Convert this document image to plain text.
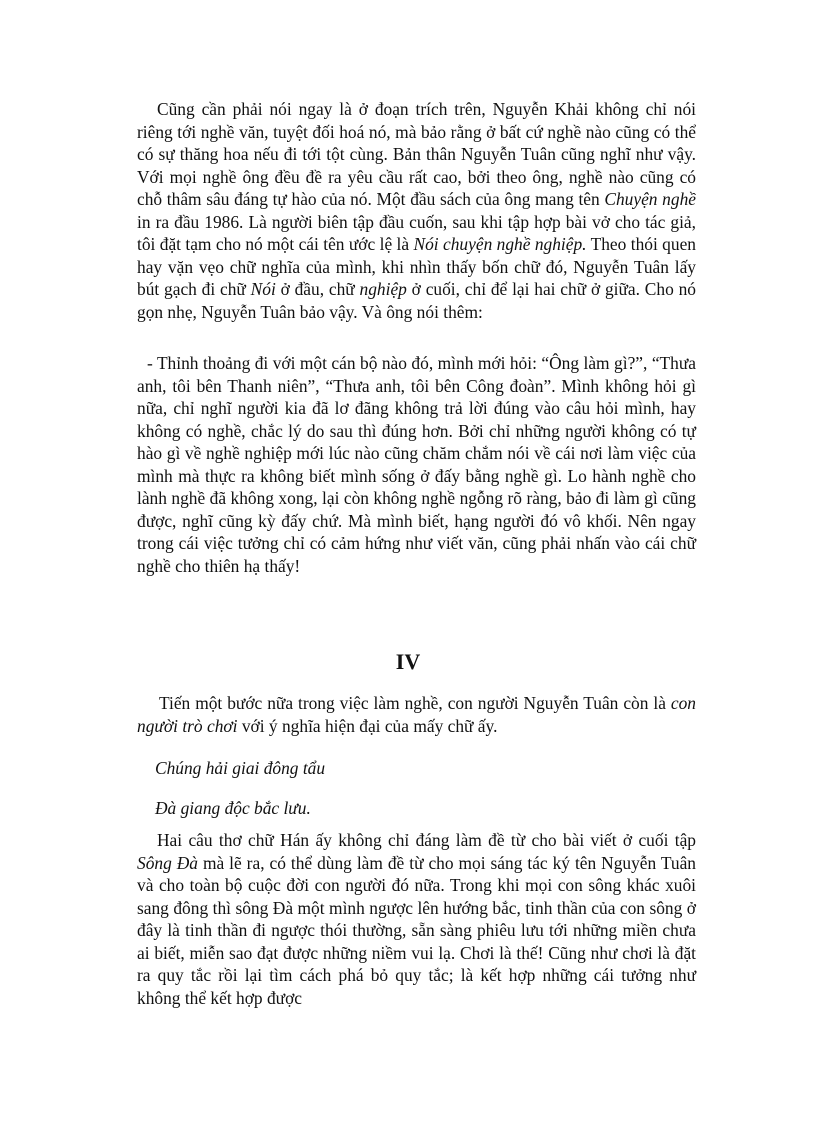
Cũng cần phải nói ngay là ở đoạn trích trên, Nguyễn Khải không chỉ nói riêng tới nghề văn, tuyệt đối hoá nó, mà bảo rằng ở bất cứ nghề nào cũng có thể có sự thăng hoa nếu đi tới tột cùng. Bản thân Nguyễn Tuân cũng nghĩ như vậy. Với mọi nghề ông đều đề ra yêu cầu rất cao, bởi theo ông, nghề nào cũng có chỗ thâm sâu đáng tự hào của nó. Một đầu sách của ông mang tên Chuyện nghề in ra đầu 1986. Là người biên tập đầu cuốn, sau khi tập hợp bài vở cho tác giả, tôi đặt tạm cho nó một cái tên ước lệ là Nói chuyện nghề nghiệp. Theo thói quen hay vặn vẹo chữ nghĩa của mình, khi nhìn thấy bốn chữ đó, Nguyễn Tuân lấy bút gạch đi chữ Nói ở đầu, chữ nghiệp ở cuối, chỉ để lại hai chữ ở giữa. Cho nó gọn nhẹ, Nguyễn Tuân bảo vậy. Và ông nói thêm:

- Thỉnh thoảng đi với một cán bộ nào đó, mình mới hỏi: “Ông làm gì?”, “Thưa anh, tôi bên Thanh niên”, “Thưa anh, tôi bên Công đoàn”. Mình không hỏi gì nữa, chỉ nghĩ người kia đã lơ đãng không trả lời đúng vào câu hỏi mình, hay không có nghề, chắc lý do sau thì đúng hơn. Bởi chỉ những người không có tự hào gì về nghề nghiệp mới lúc nào cũng chăm chắm nói về cái nơi làm việc của mình mà thực ra không biết mình sống ở đấy bằng nghề gì. Lo hành nghề cho lành nghề đã không xong, lại còn không nghề ngỗng rõ ràng, bảo đi làm gì cũng được, nghĩ cũng kỳ đấy chứ. Mà mình biết, hạng người đó vô khối. Nên ngay trong cái việc tưởng chỉ có cảm hứng như viết văn, cũng phải nhấn vào cái chữ nghề cho thiên hạ thấy!

IV

Tiến một bước nữa trong việc làm nghề, con người Nguyễn Tuân còn là con người trò chơi với ý nghĩa hiện đại của mấy chữ ấy.

Chúng hải giai đông tẩu

Đà giang độc bắc lưu.

Hai câu thơ chữ Hán ấy không chỉ đáng làm đề từ cho bài viết ở cuối tập Sông Đà mà lẽ ra, có thể dùng làm đề từ cho mọi sáng tác ký tên Nguyễn Tuân và cho toàn bộ cuộc đời con người đó nữa. Trong khi mọi con sông khác xuôi sang đông thì sông Đà một mình ngược lên hướng bắc, tinh thần của con sông ở đây là tinh thần đi ngược thói thường, sẵn sàng phiêu lưu tới những miền chưa ai biết, miễn sao đạt được những niềm vui lạ. Chơi là thế! Cũng như chơi là đặt ra quy tắc rồi lại tìm cách phá bỏ quy tắc; là kết hợp những cái tưởng như không thể kết hợp được
